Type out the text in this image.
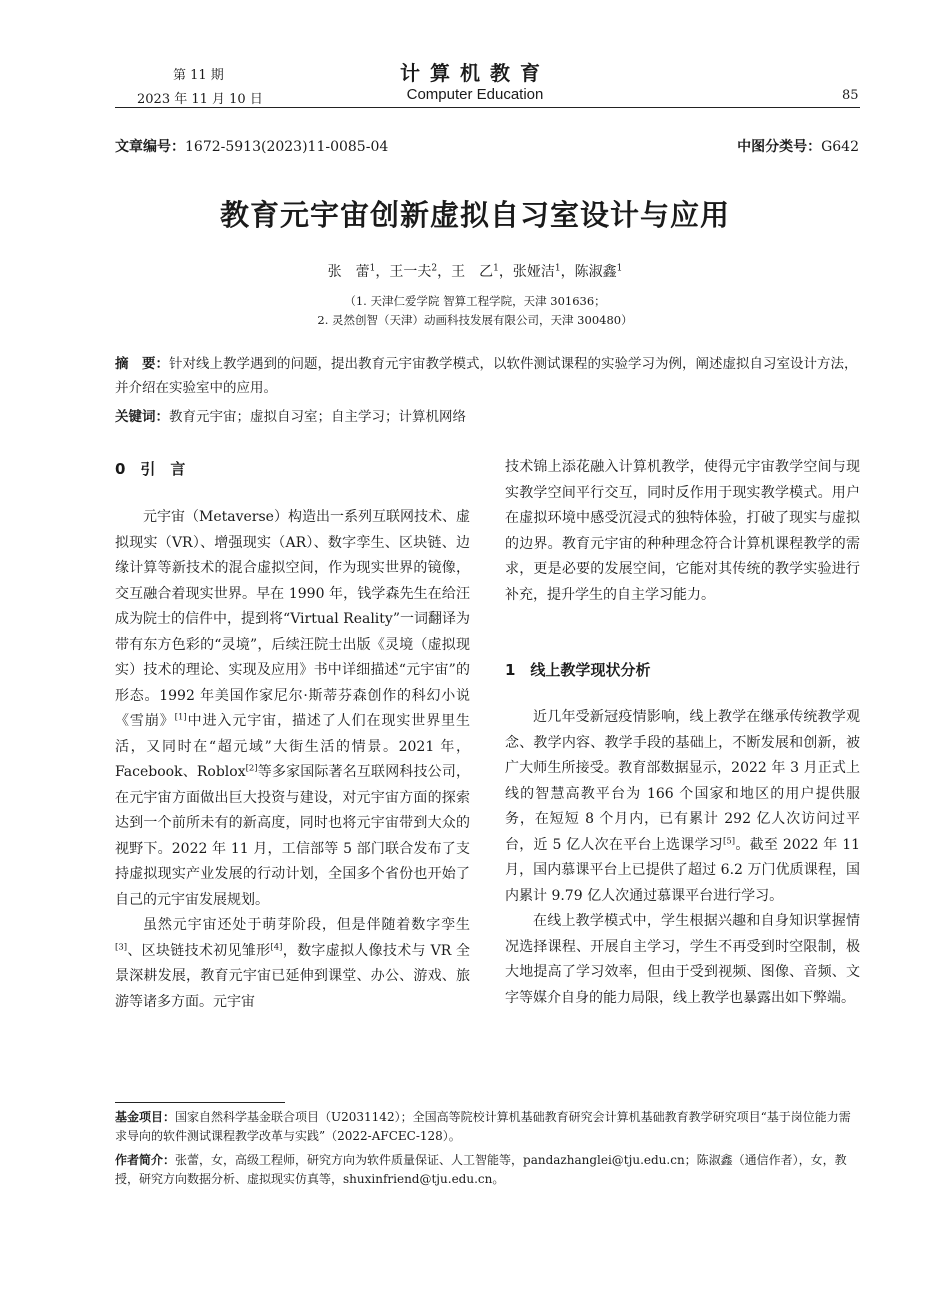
第 11 期
2023 年 11 月 10 日
计算机教育
Computer Education	85
文章编号：1672-5913(2023)11-0085-04	中图分类号：G642
教育元宇宙创新虚拟自习室设计与应用
张　蕾$^1$，王一夫$^2$，王　乙$^1$，张娅洁$^1$，陈淑鑫$^1$
（1. 天津仁爱学院 智算工程学院，天津 301636；
2. 灵然创智（天津）动画科技发展有限公司，天津 300480）

摘　要：针对线上教学遇到的问题，提出教育元宇宙教学模式，以软件测试课程的实验学习为例，阐述虚拟自习室设计方法，并介绍在实验室中的应用。

关键词：教育元宇宙；虚拟自习室；自主学习；计算机网络

0　引　言

元宇宙（Metaverse）构造出一系列互联网技术、虚拟现实（VR）、增强现实（AR）、数字孪生、区块链、边缘计算等新技术的混合虚拟空间，作为现实世界的镜像，交互融合着现实世界。早在 1990 年，钱学森先生在给汪成为院士的信件中，提到将“Virtual Reality”一词翻译为带有东方色彩的“灵境”，后续汪院士出版《灵境（虚拟现实）技术的理论、实现及应用》书中详细描述“元宇宙”的形态。1992 年美国作家尼尔·斯蒂芬森创作的科幻小说《雪崩》[1]中进入元宇宙，描述了人们在现实世界里生活，又同时在“超元域”大街生活的情景。2021 年，Facebook、Roblox[2]等多家国际著名互联网科技公司，在元宇宙方面做出巨大投资与建设，对元宇宙方面的探索达到一个前所未有的新高度，同时也将元宇宙带到大众的视野下。2022 年 11 月，工信部等 5 部门联合发布了支持虚拟现实产业发展的行动计划，全国多个省份也开始了自己的元宇宙发展规划。

虽然元宇宙还处于萌芽阶段，但是伴随着数字孪生[3]、区块链技术初见雏形[4]，数字虚拟人像技术与 VR 全景深耕发展，教育元宇宙已延伸到课堂、办公、游戏、旅游等诸多方面。元宇宙

技术锦上添花融入计算机教学，使得元宇宙教学空间与现实教学空间平行交互，同时反作用于现实教学模式。用户在虚拟环境中感受沉浸式的独特体验，打破了现实与虚拟的边界。教育元宇宙的种种理念符合计算机课程教学的需求，更是必要的发展空间，它能对其传统的教学实验进行补充，提升学生的自主学习能力。

1　线上教学现状分析

近几年受新冠疫情影响，线上教学在继承传统教学观念、教学内容、教学手段的基础上，不断发展和创新，被广大师生所接受。教育部数据显示，2022 年 3 月正式上线的智慧高教平台为 166 个国家和地区的用户提供服务，在短短 8 个月内，已有累计 292 亿人次访问过平台，近 5 亿人次在平台上选课学习[5]。截至 2022 年 11 月，国内慕课平台上已提供了超过 6.2 万门优质课程，国内累计 9.79 亿人次通过慕课平台进行学习。

在线上教学模式中，学生根据兴趣和自身知识掌握情况选择课程、开展自主学习，学生不再受到时空限制，极大地提高了学习效率，但由于受到视频、图像、音频、文字等媒介自身的能力局限，线上教学也暴露出如下弊端。

基金项目：国家自然科学基金联合项目（U2031142）；全国高等院校计算机基础教育研究会计算机基础教育教学研究项目“基于岗位能力需求导向的软件测试课程教学改革与实践”（2022-AFCEC-128）。

作者简介：张蕾，女，高级工程师，研究方向为软件质量保证、人工智能等，pandazhanglei@tju.edu.cn；陈淑鑫（通信作者），女，教授，研究方向数据分析、虚拟现实仿真等，shuxinfriend@tju.edu.cn。
